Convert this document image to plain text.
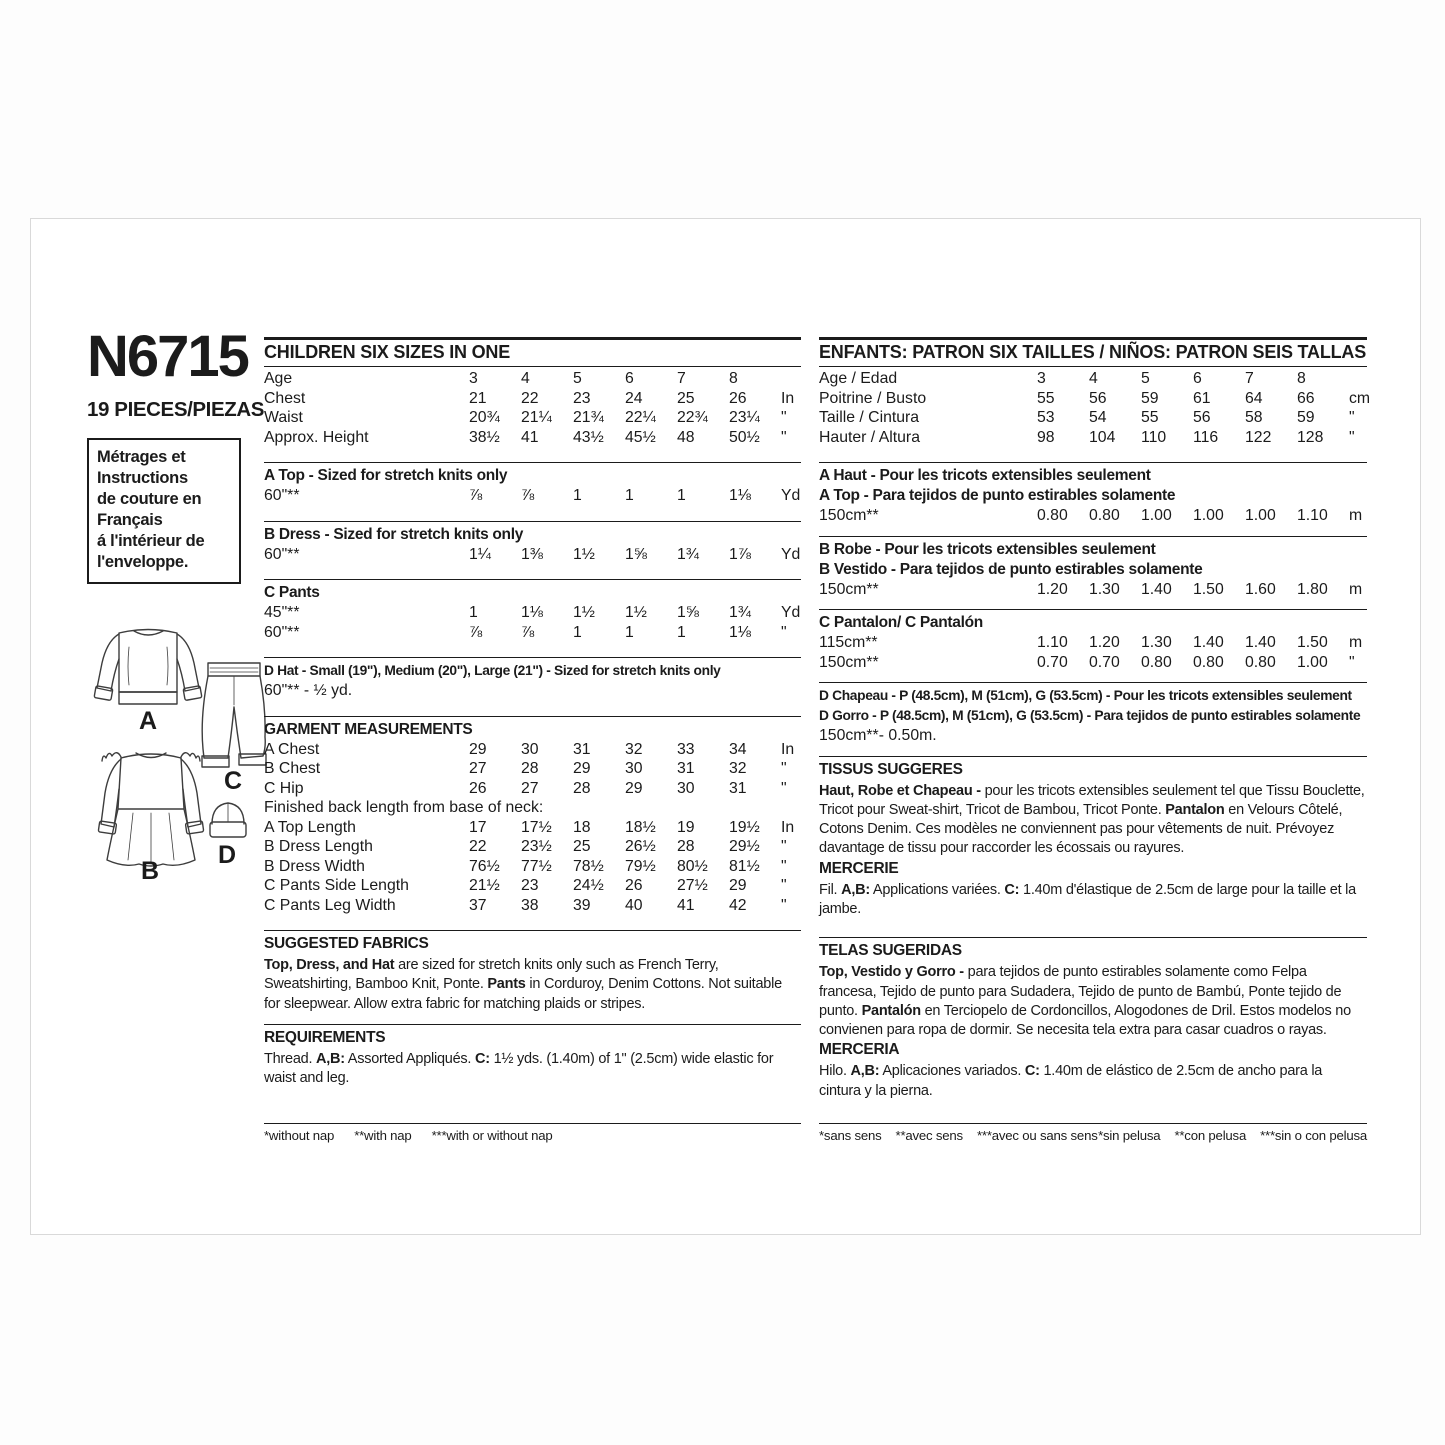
N6715
19 PIECES/PIEZAS
Métrages et
Instructions
de couture en
Français
á l'intérieur de
l'enveloppe.
A
C
B
D
CHILDREN SIX SIZES IN ONE
Age	3	4	5	6	7	8
Chest	21	22	23	24	25	26	In
Waist	20¾	21¼	21¾	22¼	22¾	23¼	"
Approx. Height	38½	41	43½	45½	48	50½	"
A Top - Sized for stretch knits only
60"**	⅞	⅞	1	1	1	1⅛	Yd
B Dress - Sized for stretch knits only
60"**	1¼	1⅜	1½	1⅝	1¾	1⅞	Yd
C Pants
45"**	1	1⅛	1½	1½	1⅝	1¾	Yd
60"**	⅞	⅞	1	1	1	1⅛	"
D Hat - Small (19"), Medium (20"), Large (21") - Sized for stretch knits only
60"** - ½ yd.
GARMENT MEASUREMENTS
A Chest	29	30	31	32	33	34	In
B Chest	27	28	29	30	31	32	"
C Hip	26	27	28	29	30	31	"
Finished back length from base of neck:
A Top Length	17	17½	18	18½	19	19½	In
B Dress Length	22	23½	25	26½	28	29½	"
B Dress Width	76½	77½	78½	79½	80½	81½	"
C Pants Side Length	21½	23	24½	26	27½	29	"
C Pants Leg Width	37	38	39	40	41	42	"
SUGGESTED FABRICS

Top, Dress, and Hat are sized for stretch knits only such as French Terry, Sweatshirting, Bamboo Knit, Ponte. Pants in Corduroy, Denim Cottons. Not suitable for sleepwear. Allow extra fabric for matching plaids or stripes.

REQUIREMENTS

Thread. A,B: Assorted Appliqués. C: 1½ yds. (1.40m) of 1" (2.5cm) wide elastic for waist and leg.

*without nap **with nap ***with or without nap
ENFANTS: PATRON SIX TAILLES / NIÑOS: PATRON SEIS TALLAS
Age / Edad	3	4	5	6	7	8
Poitrine / Busto	55	56	59	61	64	66	cm
Taille / Cintura	53	54	55	56	58	59	"
Hauter / Altura	98	104	110	116	122	128	"
A Haut - Pour les tricots extensibles seulement
A Top - Para tejidos de punto estirables solamente
150cm**	0.80	0.80	1.00	1.00	1.00	1.10	m
B Robe - Pour les tricots extensibles seulement
B Vestido - Para tejidos de punto estirables solamente
150cm**	1.20	1.30	1.40	1.50	1.60	1.80	m
C Pantalon/ C Pantalón
115cm**	1.10	1.20	1.30	1.40	1.40	1.50	m
150cm**	0.70	0.70	0.80	0.80	0.80	1.00	"
D Chapeau - P (48.5cm), M (51cm), G (53.5cm) - Pour les tricots extensibles seulement
D Gorro - P (48.5cm), M (51cm), G (53.5cm) - Para tejidos de punto estirables solamente
150cm**- 0.50m.
TISSUS SUGGERES

Haut, Robe et Chapeau - pour les tricots extensibles seulement tel que Tissu Bouclette, Tricot pour Sweat-shirt, Tricot de Bambou, Tricot Ponte. Pantalon en Velours Côtelé, Cotons Denim. Ces modèles ne conviennent pas pour vêtements de nuit. Prévoyez davantage de tissu pour raccorder les écossais ou rayures.

MERCERIE

Fil. A,B: Applications variées. C: 1.40m d'élastique de 2.5cm de large pour la taille et la jambe.

TELAS SUGERIDAS

Top, Vestido y Gorro - para tejidos de punto estirables solamente como Felpa francesa, Tejido de punto para Sudadera, Tejido de punto de Bambú, Ponte tejido de punto. Pantalón en Terciopelo de Cordoncillos, Alogodones de Dril. Estos modelos no convienen para ropa de dormir. Se necesita tela extra para casar cuadros o rayas.

MERCERIA

Hilo. A,B: Aplicaciones variados. C: 1.40m de elástico de 2.5cm de ancho para la cintura y la pierna.

*sans sens **avec sens ***avec ou sans sens *sin pelusa **con pelusa ***sin o con pelusa
